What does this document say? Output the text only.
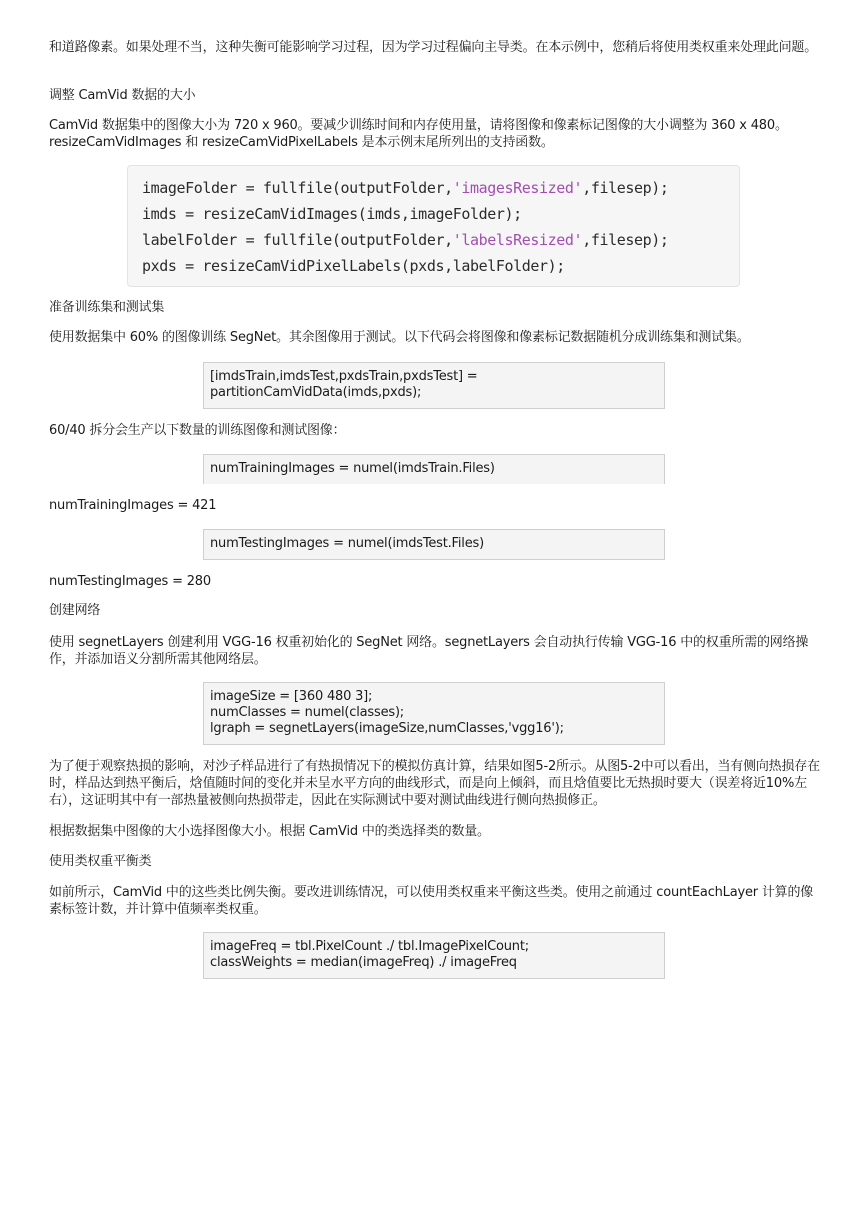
和道路像素。如果处理不当，这种失衡可能影响学习过程，因为学习过程偏向主导类。在本示例中，您稍后将使用类权重来处理此问题。

调整 CamVid 数据的大小

CamVid 数据集中的图像大小为 720 x 960。要减少训练时间和内存使用量，请将图像和像素标记图像的大小调整为 360 x 480。resizeCamVidImages 和 resizeCamVidPixelLabels 是本示例末尾所列出的支持函数。

imageFolder = fullfile(outputFolder,'imagesResized',filesep);
imds = resizeCamVidImages(imds,imageFolder);
labelFolder = fullfile(outputFolder,'labelsResized',filesep);
pxds = resizeCamVidPixelLabels(pxds,labelFolder);

准备训练集和测试集

使用数据集中 60% 的图像训练 SegNet。其余图像用于测试。以下代码会将图像和像素标记数据随机分成训练集和测试集。

[imdsTrain,imdsTest,pxdsTrain,pxdsTest] =
partitionCamVidData(imds,pxds);

60/40 拆分会生产以下数量的训练图像和测试图像：

numTrainingImages = numel(imdsTrain.Files)

numTrainingImages = 421

numTestingImages = numel(imdsTest.Files)

numTestingImages = 280

创建网络

使用 segnetLayers 创建利用 VGG-16 权重初始化的 SegNet 网络。segnetLayers 会自动执行传输 VGG-16 中的权重所需的网络操作，并添加语义分割所需其他网络层。

imageSize = [360 480 3];
numClasses = numel(classes);
lgraph = segnetLayers(imageSize,numClasses,'vgg16');

为了便于观察热损的影响，对沙子样品进行了有热损情况下的模拟仿真计算，结果如图5-2所示。从图5-2中可以看出，当有侧向热损存在时，样品达到热平衡后，焓值随时间的变化并未呈水平方向的曲线形式，而是向上倾斜，而且焓值要比无热损时要大（误差将近10%左右），这证明其中有一部热量被侧向热损带走，因此在实际测试中要对测试曲线进行侧向热损修正。

根据数据集中图像的大小选择图像大小。根据 CamVid 中的类选择类的数量。

使用类权重平衡类

如前所示，CamVid 中的这些类比例失衡。要改进训练情况，可以使用类权重来平衡这些类。使用之前通过 countEachLayer 计算的像素标签计数，并计算中值频率类权重。

imageFreq = tbl.PixelCount ./ tbl.ImagePixelCount;
classWeights = median(imageFreq) ./ imageFreq
